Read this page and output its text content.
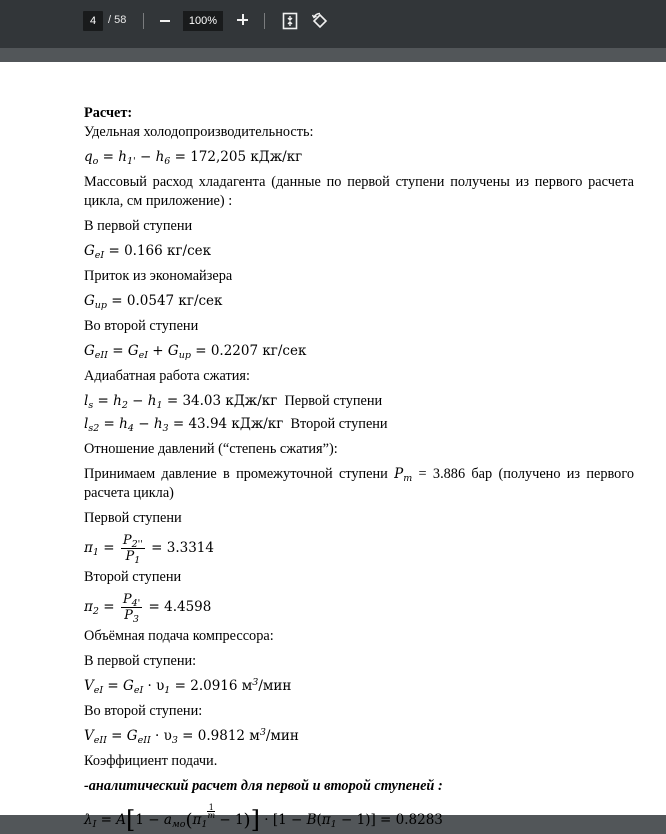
4	/ 58	100%

Расчет:

Удельная холодопроизводительность:

$q_o = h_{1'} - h_6 = 172,205$ кДж/кг

Массовый расход хладагента (данные по первой ступени получены из первого расчета цикла, см приложение) :

В первой ступени

$G_{eI} = 0.166$ кг/сек

Приток из экономайзера

$G_{up} = 0.0547$ кг/сек

Во второй ступени

$G_{eII} = G_{eI} + G_{up} = 0.2207$ кг/сек

Адиабатная работа сжатия:

$l_s = h_2 - h_1 = 34.03$ кДж/кг Первой ступени

$l_{s2} = h_4 - h_3 = 43.94$ кДж/кг Второй ступени

Отношение давлений (“степень сжатия”):

Принимаем давление в промежуточной ступени $P_т = 3.886$ бар (получено из первого расчета цикла)

Первой ступени

$\pi_1 = \frac{P_{2''}}{P_1} = 3.3314$

Второй ступени

$\pi_2 = \frac{P_{4'}}{P_3} = 4.4598$

Объёмная подача компрессора:

В первой ступени:

$V_{eI} = G_{eI} \cdot \upsilon_1 = 2.0916$ $м^3$/мин

Во второй ступени:

$V_{eII} = G_{eII} \cdot \upsilon_3 = 0.9812$ $м^3$/мин

Коэффициент подачи.

-аналитический расчет для первой и второй ступеней :

$\lambda_I = A[1 - a_{мо}(\pi_1$
$\frac{1}{m}$
− $1)] \cdot [1 - B(\pi_1 - 1)] = 0.8283$
